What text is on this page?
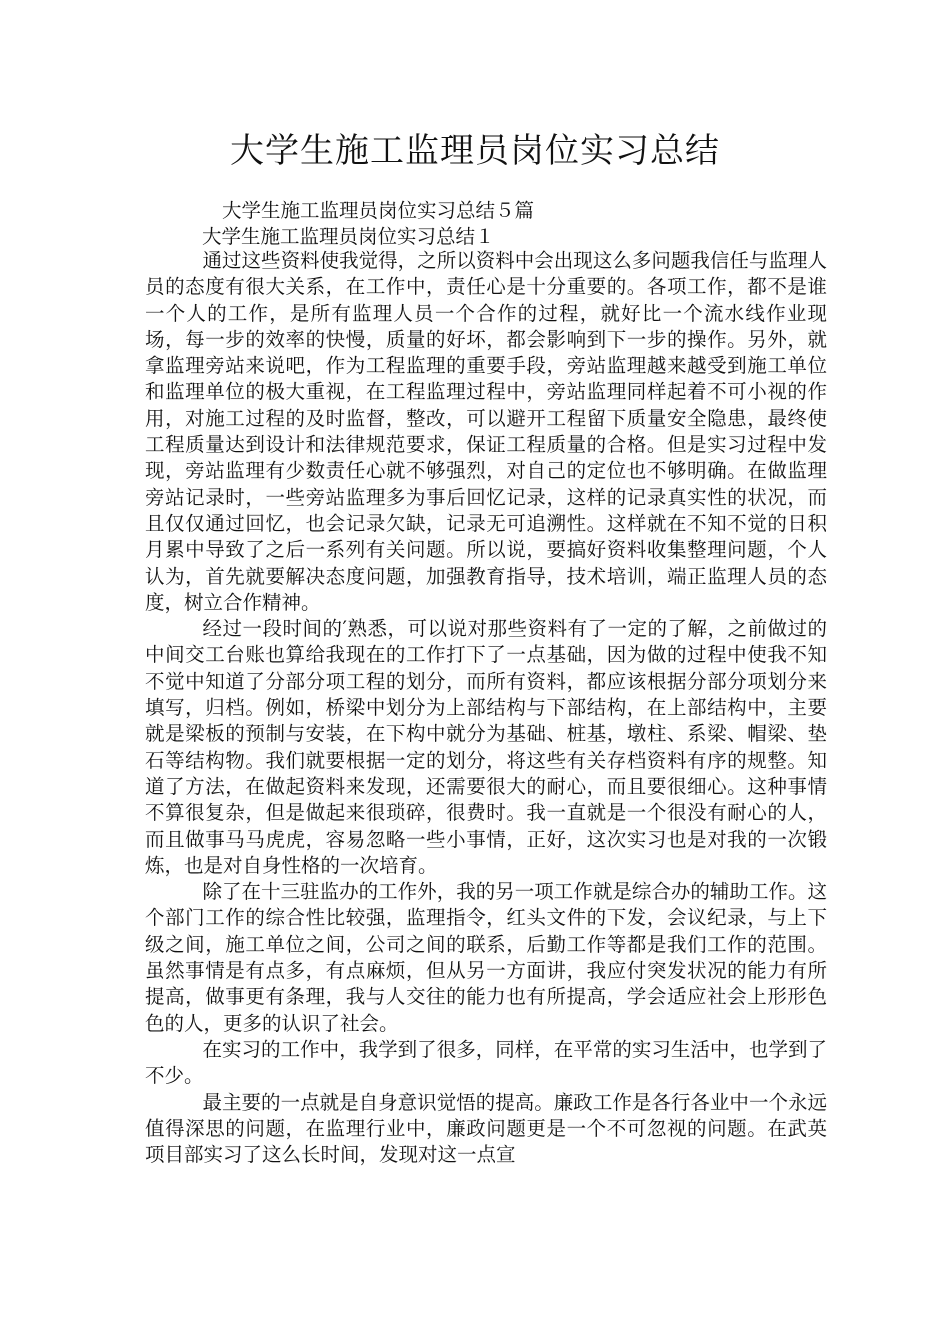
大学生施工监理员岗位实习总结
大学生施工监理员岗位实习总结５篇
大学生施工监理员岗位实习总结１

通过这些资料使我觉得，之所以资料中会出现这么多问题我信任与监理人员的态度有很大关系，在工作中，责任心是十分重要的。各项工作，都不是谁一个人的工作，是所有监理人员一个合作的过程，就好比一个流水线作业现场，每一步的效率的快慢，质量的好坏，都会影响到下一步的操作。另外，就拿监理旁站来说吧，作为工程监理的重要手段，旁站监理越来越受到施工单位和监理单位的极大重视，在工程监理过程中，旁站监理同样起着不可小视的作用，对施工过程的及时监督，整改，可以避开工程留下质量安全隐患，最终使工程质量达到设计和法律规范要求，保证工程质量的合格。但是实习过程中发现，旁站监理有少数责任心就不够强烈，对自己的定位也不够明确。在做监理旁站记录时，一些旁站监理多为事后回忆记录，这样的记录真实性的状况，而且仅仅通过回忆，也会记录欠缺，记录无可追溯性。这样就在不知不觉的日积月累中导致了之后一系列有关问题。所以说，要搞好资料收集整理问题，个人认为，首先就要解决态度问题，加强教育指导，技术培训，端正监理人员的态度，树立合作精神。

经过一段时间的′熟悉，可以说对那些资料有了一定的了解，之前做过的中间交工台账也算给我现在的工作打下了一点基础，因为做的过程中使我不知不觉中知道了分部分项工程的划分，而所有资料，都应该根据分部分项划分来填写，归档。例如，桥梁中划分为上部结构与下部结构，在上部结构中，主要就是梁板的预制与安装，在下构中就分为基础、桩基，墩柱、系梁、帽梁、垫石等结构物。我们就要根据一定的划分，将这些有关存档资料有序的规整。知道了方法，在做起资料来发现，还需要很大的耐心，而且要很细心。这种事情不算很复杂，但是做起来很琐碎，很费时。我一直就是一个很没有耐心的人，而且做事马马虎虎，容易忽略一些小事情，正好，这次实习也是对我的一次锻炼，也是对自身性格的一次培育。

除了在十三驻监办的工作外，我的另一项工作就是综合办的辅助工作。这个部门工作的综合性比较强，监理指令，红头文件的下发，会议纪录，与上下级之间，施工单位之间，公司之间的联系，后勤工作等都是我们工作的范围。虽然事情是有点多，有点麻烦，但从另一方面讲，我应付突发状况的能力有所提高，做事更有条理，我与人交往的能力也有所提高，学会适应社会上形形色色的人，更多的认识了社会。

在实习的工作中，我学到了很多，同样，在平常的实习生活中，也学到了不少。

最主要的一点就是自身意识觉悟的提高。廉政工作是各行各业中一个永远值得深思的问题，在监理行业中，廉政问题更是一个不可忽视的问题。在武英项目部实习了这么长时间，发现对这一点宣
